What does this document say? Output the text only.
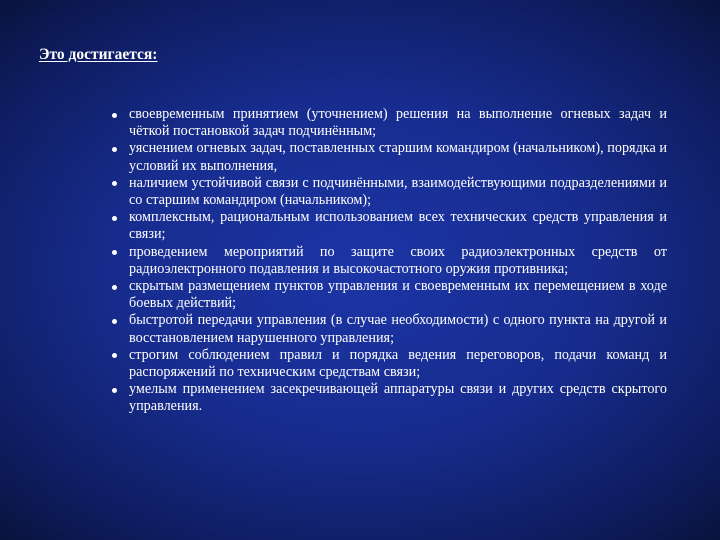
Это достигается:
своевременным принятием (уточнением) решения на выполнение огневых задач и чёткой постановкой задач подчинённым;
уяснением огневых задач, поставленных старшим командиром (начальником), порядка и условий их выполнения,
наличием устойчивой связи с подчинёнными, взаимодействующими подразделениями и со старшим командиром (начальником);
комплексным, рациональным использованием всех технических средств управления и связи;
проведением мероприятий по защите своих радиоэлектронных средств от радиоэлектронного подавления и высокочастотного оружия противника;
скрытым размещением пунктов управления и своевременным их перемещением в ходе боевых действий;
быстротой передачи управления (в случае необходимости) с одного пункта на другой и восстановлением нарушенного управления;
строгим соблюдением правил и порядка ведения переговоров, подачи команд и распоряжений по техническим средствам связи;
умелым применением засекречивающей аппаратуры связи и других средств скрытого управления.
